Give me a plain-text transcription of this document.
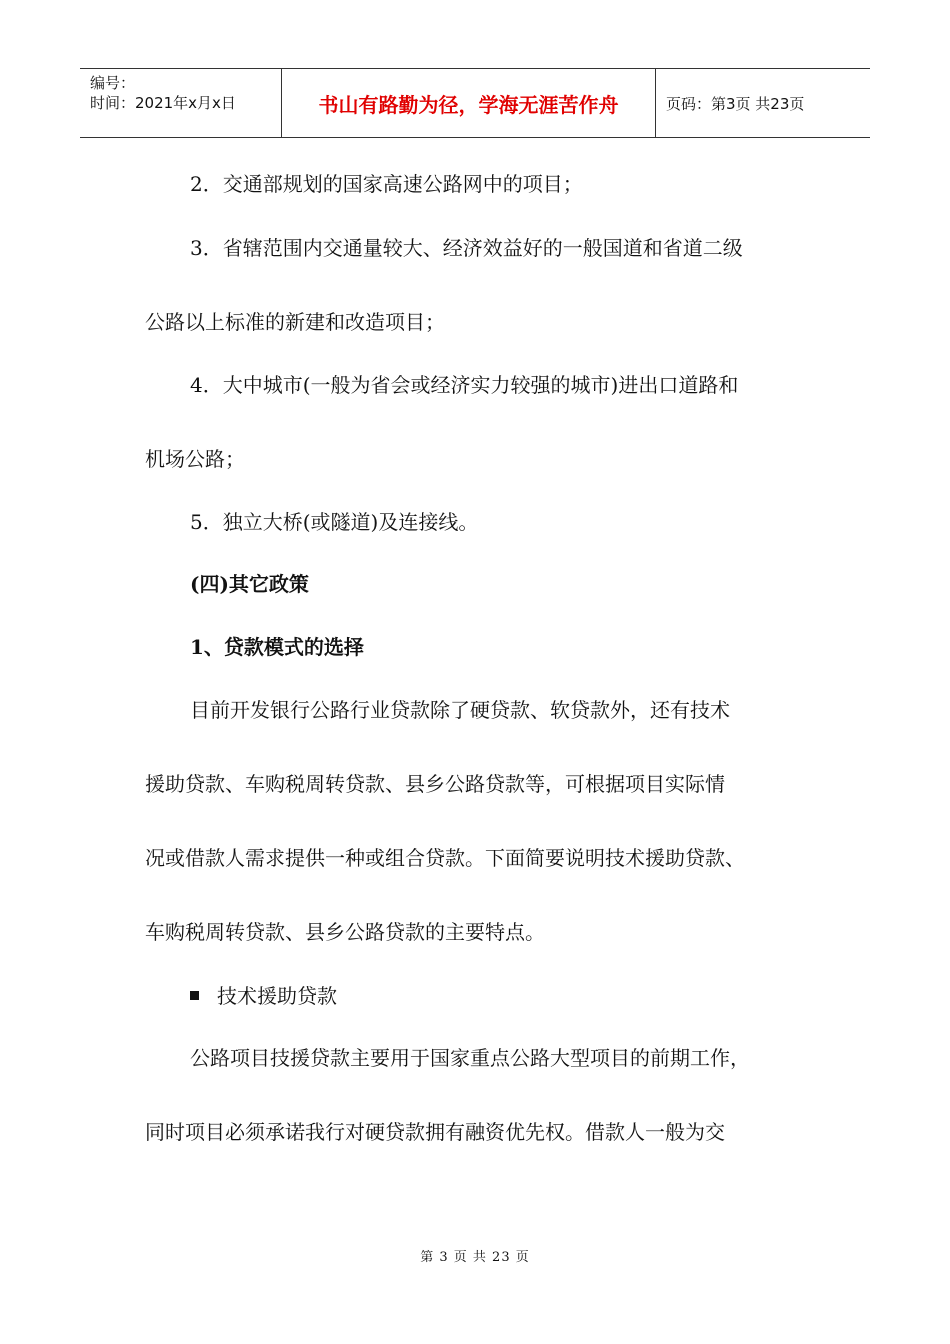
编号：
时间：2021年x月x日	书山有路勤为径，学海无涯苦作舟	页码：第3页 共23页
2．交通部规划的国家高速公路网中的项目；
3．省辖范围内交通量较大、经济效益好的一般国道和省道二级
公路以上标准的新建和改造项目；
4．大中城市(一般为省会或经济实力较强的城市)进出口道路和
机场公路；
5．独立大桥(或隧道)及连接线。
(四)其它政策
1、贷款模式的选择
目前开发银行公路行业贷款除了硬贷款、软贷款外，还有技术
援助贷款、车购税周转贷款、县乡公路贷款等，可根据项目实际情
况或借款人需求提供一种或组合贷款。下面简要说明技术援助贷款、
车购税周转贷款、县乡公路贷款的主要特点。
技术援助贷款
公路项目技援贷款主要用于国家重点公路大型项目的前期工作，
同时项目必须承诺我行对硬贷款拥有融资优先权。借款人一般为交
第 3 页 共 23 页
